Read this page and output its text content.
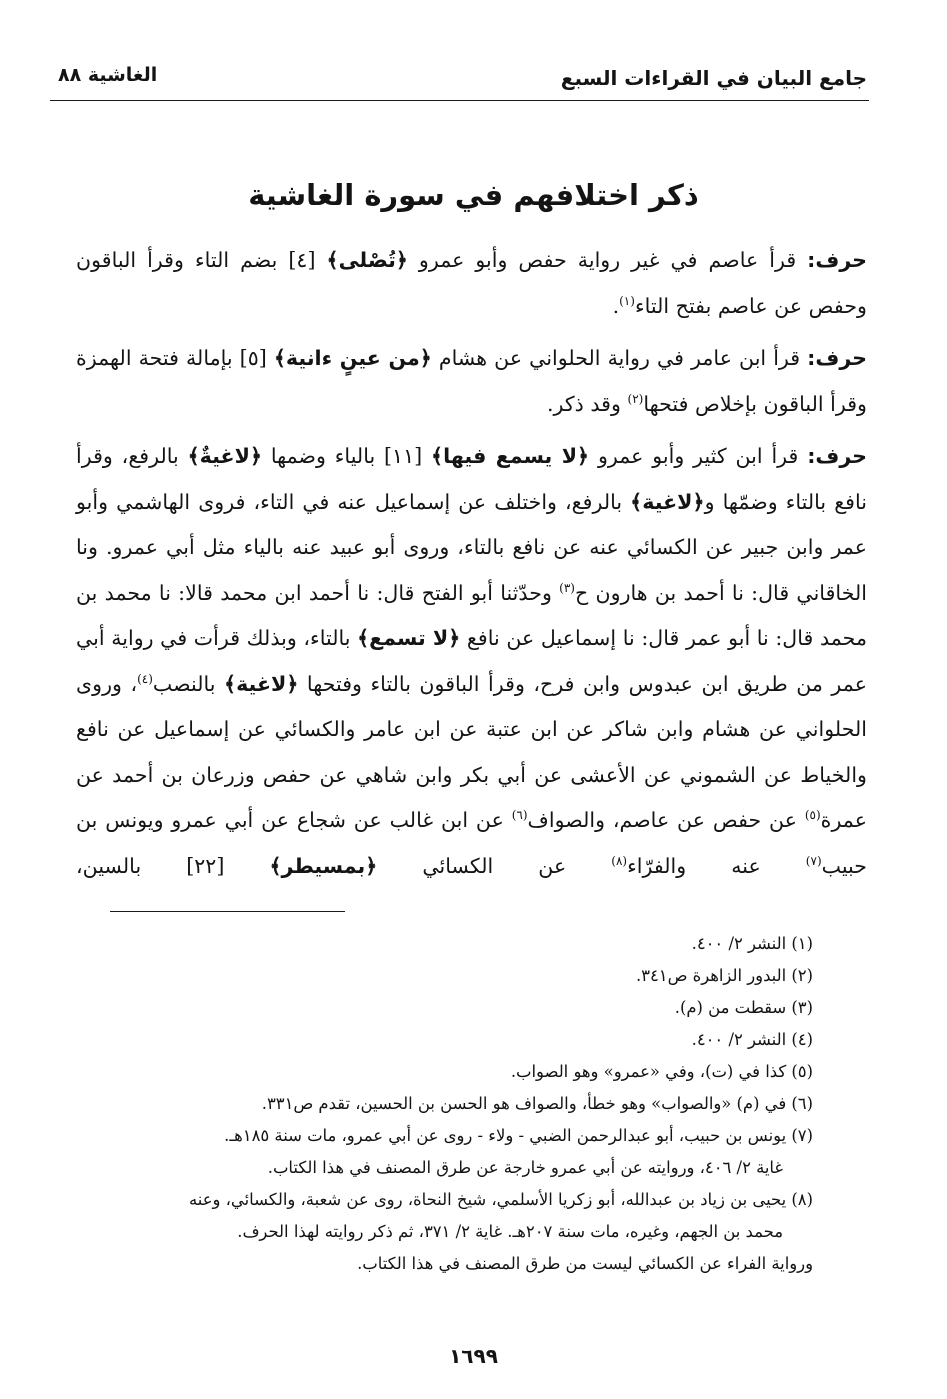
جامع البيان في القراءات السبع
الغاشية ٨٨
ذكر اختلافهم في سورة الغاشية

حرف: قرأ عاصم في غير رواية حفص وأبو عمرو ﴿تُصْلى﴾ [٤] بضم التاء وقرأ الباقون وحفص عن عاصم بفتح التاء$^{(١)}$.

حرف: قرأ ابن عامر في رواية الحلواني عن هشام ﴿من عينٍ ءانية﴾ [٥] بإمالة فتحة الهمزة وقرأ الباقون بإخلاص فتحها$^{(٢)}$ وقد ذكر.

حرف: قرأ ابن كثير وأبو عمرو ﴿لا يسمع فيها﴾ [١١] بالياء وضمها ﴿لاغيةٌ﴾ بالرفع، وقرأ نافع بالتاء وضمّها و﴿لاغية﴾ بالرفع، واختلف عن إسماعيل عنه في التاء، فروى الهاشمي وأبو عمر وابن جبير عن الكسائي عنه عن نافع بالتاء، وروى أبو عبيد عنه بالياء مثل أبي عمرو. ونا الخاقاني قال: نا أحمد بن هارون ح$^{(٣)}$ وحدّثنا أبو الفتح قال: نا أحمد ابن محمد قالا: نا محمد بن محمد قال: نا أبو عمر قال: نا إسماعيل عن نافع ﴿لا تسمع﴾ بالتاء، وبذلك قرأت في رواية أبي عمر من طريق ابن عبدوس وابن فرح، وقرأ الباقون بالتاء وفتحها ﴿لاغية﴾ بالنصب$^{(٤)}$، وروى الحلواني عن هشام وابن شاكر عن ابن عتبة عن ابن عامر والكسائي عن إسماعيل عن نافع والخياط عن الشموني عن الأعشى عن أبي بكر وابن شاهي عن حفص وزرعان بن أحمد عن عمرة$^{(٥)}$ عن حفص عن عاصم، والصواف$^{(٦)}$ عن ابن غالب عن شجاع عن أبي عمرو ويونس بن حبيب$^{(٧)}$ عنه والفرّاء$^{(٨)}$ عن الكسائي ﴿بمسيطر﴾ [٢٢] بالسين،

(١) النشر ٢/ ٤٠٠.

(٢) البدور الزاهرة ص٣٤١.

(٣) سقطت من (م).

(٤) النشر ٢/ ٤٠٠.

(٥) كذا في (ت)، وفي «عمرو» وهو الصواب.

(٦) في (م) «والصواب» وهو خطأ، والصواف هو الحسن بن الحسين، تقدم ص٣٣١.

(٧) يونس بن حبيب، أبو عبدالرحمن الضبي - ولاء - روى عن أبي عمرو، مات سنة ١٨٥هـ.

غاية ٢/ ٤٠٦، وروايته عن أبي عمرو خارجة عن طرق المصنف في هذا الكتاب.

(٨) يحيى بن زياد بن عبدالله، أبو زكريا الأسلمي، شيخ النحاة، روى عن شعبة، والكسائي، وعنه

محمد بن الجهم، وغيره، مات سنة ٢٠٧هـ. غاية ٢/ ٣٧١، ثم ذكر روايته لهذا الحرف.

ورواية الفراء عن الكسائي ليست من طرق المصنف في هذا الكتاب.

١٦٩٩
